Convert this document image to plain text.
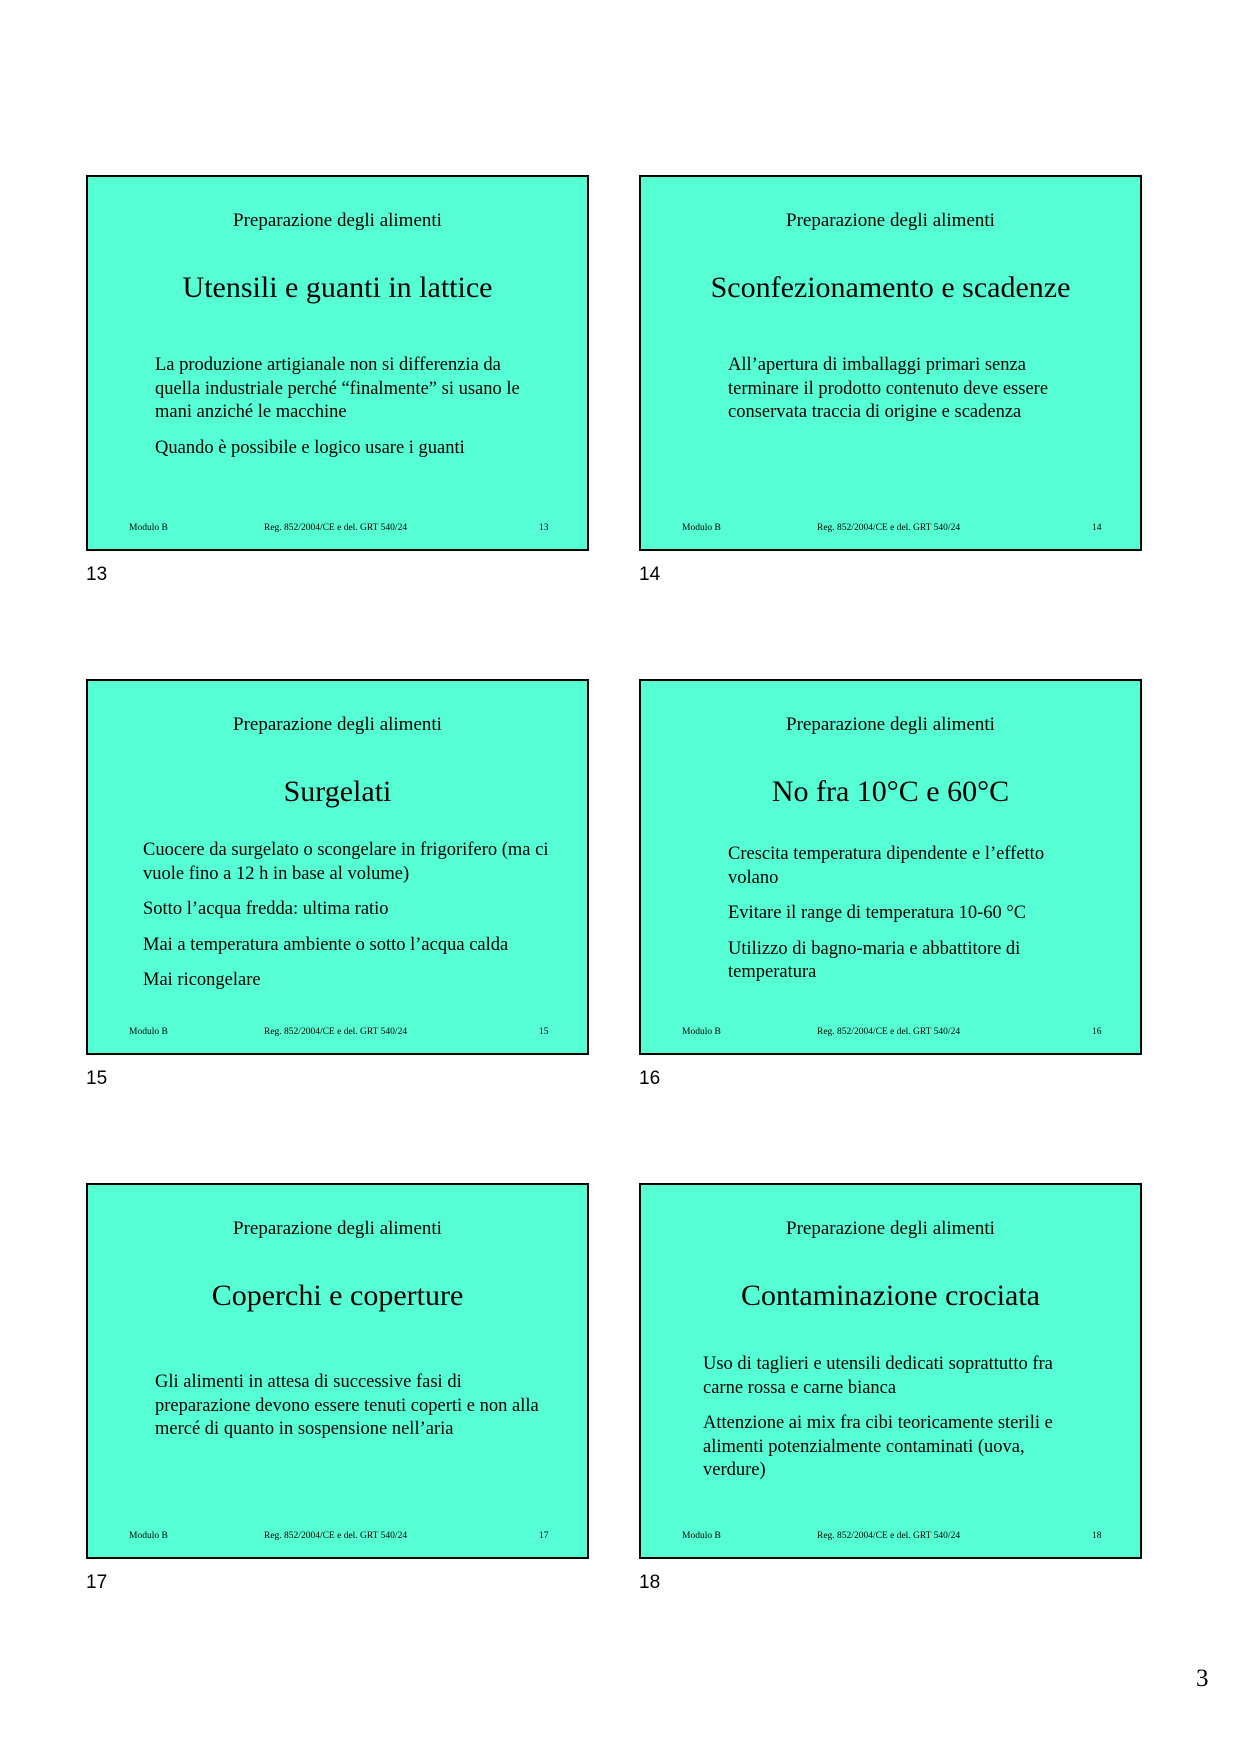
Preparazione degli alimenti
Utensili e guanti in lattice

La produzione artigianale non si differenzia da quella industriale perché “finalmente” si usano le mani anziché le macchine

Quando è possibile e logico usare i guanti

Modulo B	Reg. 852/2004/CE e del. GRT 540/24	13
13
Preparazione degli alimenti
Sconfezionamento e scadenze

All’apertura di imballaggi primari senza terminare il prodotto contenuto deve essere conservata traccia di origine e scadenza

Modulo B	Reg. 852/2004/CE e del. GRT 540/24	14
14
Preparazione degli alimenti
Surgelati

Cuocere da surgelato o scongelare in frigorifero (ma ci vuole fino a 12 h in base al volume)

Sotto l’acqua fredda: ultima ratio

Mai a temperatura ambiente o sotto l’acqua calda

Mai ricongelare

Modulo B	Reg. 852/2004/CE e del. GRT 540/24	15
15
Preparazione degli alimenti
No fra 10°C e 60°C

Crescita temperatura dipendente e l’effetto volano

Evitare il range di temperatura 10-60 °C

Utilizzo di bagno-maria e abbattitore di temperatura

Modulo B	Reg. 852/2004/CE e del. GRT 540/24	16
16
Preparazione degli alimenti
Coperchi e coperture

Gli alimenti in attesa di successive fasi di preparazione devono essere tenuti coperti e non alla mercé di quanto in sospensione nell’aria

Modulo B	Reg. 852/2004/CE e del. GRT 540/24	17
17
Preparazione degli alimenti
Contaminazione crociata

Uso di taglieri e utensili dedicati soprattutto fra carne rossa e carne bianca

Attenzione ai mix fra cibi teoricamente sterili e alimenti potenzialmente contaminati (uova, verdure)

Modulo B	Reg. 852/2004/CE e del. GRT 540/24	18
18
3
